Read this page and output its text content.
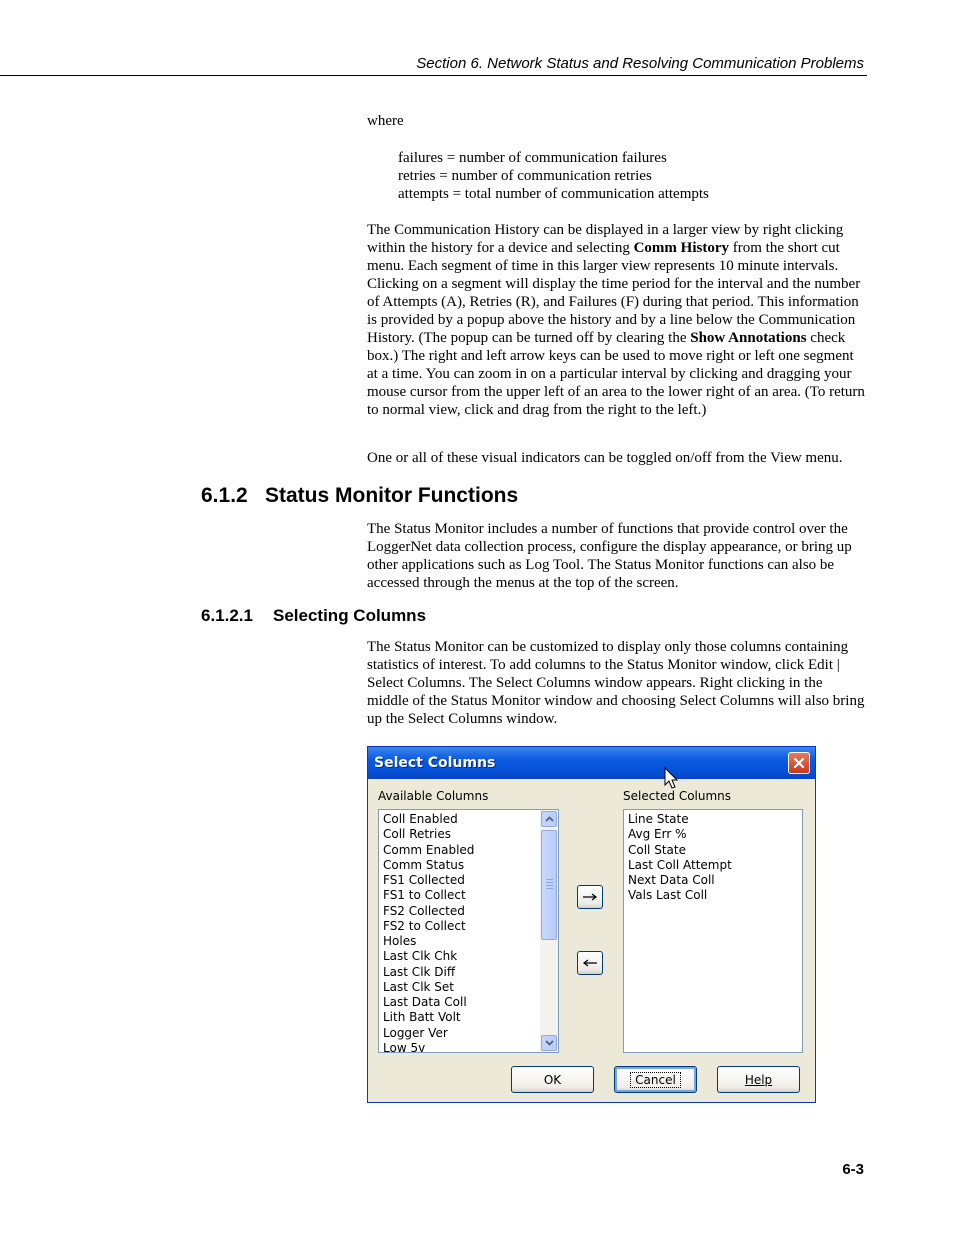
Section 6. Network Status and Resolving Communication Problems
where
failures = number of communication failures
retries = number of communication retries
attempts = total number of communication attempts
The Communication History can be displayed in a larger view by right clicking within the history for a device and selecting Comm History from the short cut menu. Each segment of time in this larger view represents 10 minute intervals. Clicking on a segment will display the time period for the interval and the number of Attempts (A), Retries (R), and Failures (F) during that period. This information is provided by a popup above the history and by a line below the Communication History. (The popup can be turned off by clearing the Show Annotations check box.) The right and left arrow keys can be used to move right or left one segment at a time. You can zoom in on a particular interval by clicking and dragging your mouse cursor from the upper left of an area to the lower right of an area. (To return to normal view, click and drag from the right to the left.)
One or all of these visual indicators can be toggled on/off from the View menu.
6.1.2 Status Monitor Functions
The Status Monitor includes a number of functions that provide control over the LoggerNet data collection process, configure the display appearance, or bring up other applications such as Log Tool. The Status Monitor functions can also be accessed through the menus at the top of the screen.
6.1.2.1 Selecting Columns
The Status Monitor can be customized to display only those columns containing statistics of interest. To add columns to the Status Monitor window, click Edit | Select Columns. The Select Columns window appears. Right clicking in the middle of the Status Monitor window and choosing Select Columns will also bring up the Select Columns window.
Select Columns
Available Columns	Selected Columns
Coll Enabled
Coll Retries
Comm Enabled
Comm Status
FS1 Collected
FS1 to Collect
FS2 Collected
FS2 to Collect
Holes
Last Clk Chk
Last Clk Diff
Last Clk Set
Last Data Coll
Lith Batt Volt
Logger Ver
Low 5v
Line State
Avg Err %
Coll State
Last Coll Attempt
Next Data Coll
Vals Last Coll
OK	Cancel	Help
6-3
